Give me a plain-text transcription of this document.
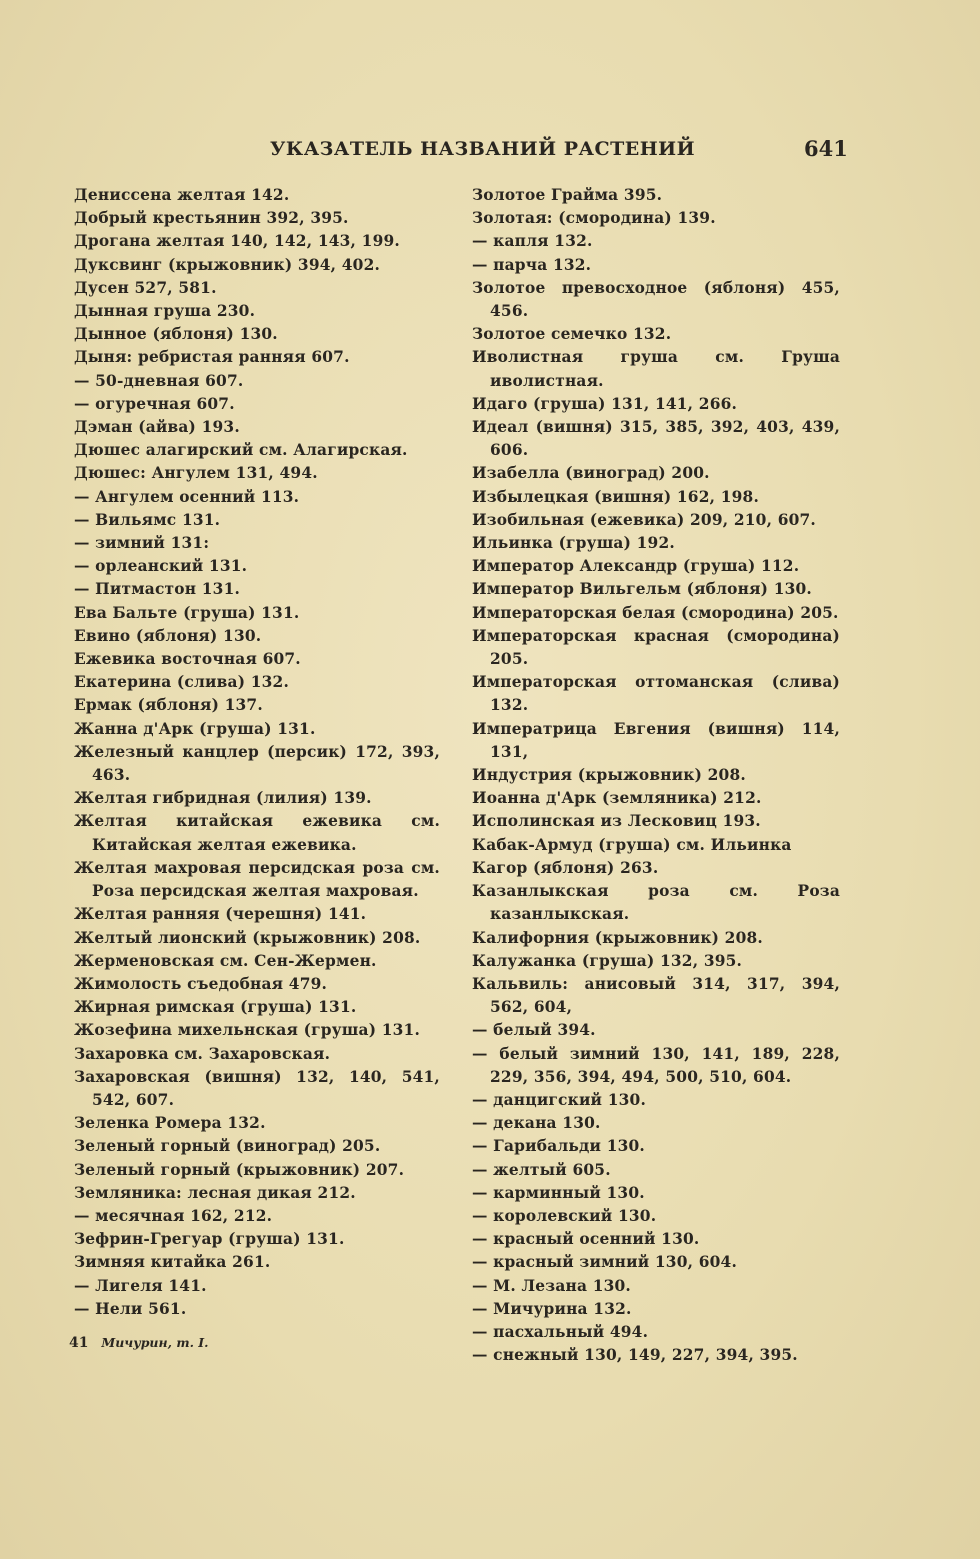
УКАЗАТЕЛЬ НАЗВАНИЙ РАСТЕНИЙ	641
Дениссена желтая 142.
Добрый крестьянин 392, 395.
Дрогана желтая 140, 142, 143, 199.
Дуксвинг (крыжовник) 394, 402.
Дусен 527, 581.
Дынная груша 230.
Дынное (яблоня) 130.
Дыня: ребристая ранняя 607.
— 50-дневная 607.
— огуречная 607.
Дэман (айва) 193.
Дюшес алагирский см. Алагирская.
Дюшес: Ангулем 131, 494.
— Ангулем осенний 113.
— Вильямс 131.
— зимний 131:
— орлеанский 131.
— Питмастон 131.
Ева Бальте (груша) 131.
Евино (яблоня) 130.
Ежевика восточная 607.
Екатерина (слива) 132.
Ермак (яблоня) 137.
Жанна д'Арк (груша) 131.
Железный канцлер (персик) 172, 393, 463.
Желтая гибридная (лилия) 139.
Желтая китайская ежевика см. Китайская желтая ежевика.
Желтая махровая персидская роза см. Роза персидская желтая махровая.
Желтая ранняя (черешня) 141.
Желтый лионский (крыжовник) 208.
Жерменовская см. Сен-Жермен.
Жимолость съедобная 479.
Жирная римская (груша) 131.
Жозефина михельнская (груша) 131.
Захаровка см. Захаровская.
Захаровская (вишня) 132, 140, 541, 542, 607.
Зеленка Ромера 132.
Зеленый горный (виноград) 205.
Зеленый горный (крыжовник) 207.
Земляника: лесная дикая 212.
— месячная 162, 212.
Зефрин-Грегуар (груша) 131.
Зимняя китайка 261.
— Лигеля 141.
— Нели 561.
Золотое Грайма 395.
Золотая: (смородина) 139.
— капля 132.
— парча 132.
Золотое превосходное (яблоня) 455, 456.
Золотое семечко 132.
Иволистная груша см. Груша иволистная.
Идаго (груша) 131, 141, 266.
Идеал (вишня) 315, 385, 392, 403, 439, 606.
Изабелла (виноград) 200.
Избылецкая (вишня) 162, 198.
Изобильная (ежевика) 209, 210, 607.
Ильинка (груша) 192.
Император Александр (груша) 112.
Император Вильгельм (яблоня) 130.
Императорская белая (смородина) 205.
Императорская красная (смородина) 205.
Императорская оттоманская (слива) 132.
Императрица Евгения (вишня) 114, 131,
Индустрия (крыжовник) 208.
Иоанна д'Арк (земляника) 212.
Исполинская из Лесковиц 193.
Кабак-Армуд (груша) см. Ильинка
Кагор (яблоня) 263.
Казанлыкская роза см. Роза казанлыкская.
Калифорния (крыжовник) 208.
Калужанка (груша) 132, 395.
Кальвиль: анисовый 314, 317, 394, 562, 604,
— белый 394.
— белый зимний 130, 141, 189, 228, 229, 356, 394, 494, 500, 510, 604.
— данцигский 130.
— декана 130.
— Гарибальди 130.
— желтый 605.
— карминный 130.
— королевский 130.
— красный осенний 130.
— красный зимний 130, 604.
— М. Лезана 130.
— Мичурина 132.
— пасхальный 494.
— снежный 130, 149, 227, 394, 395.
41 Мичурин, т. I.
